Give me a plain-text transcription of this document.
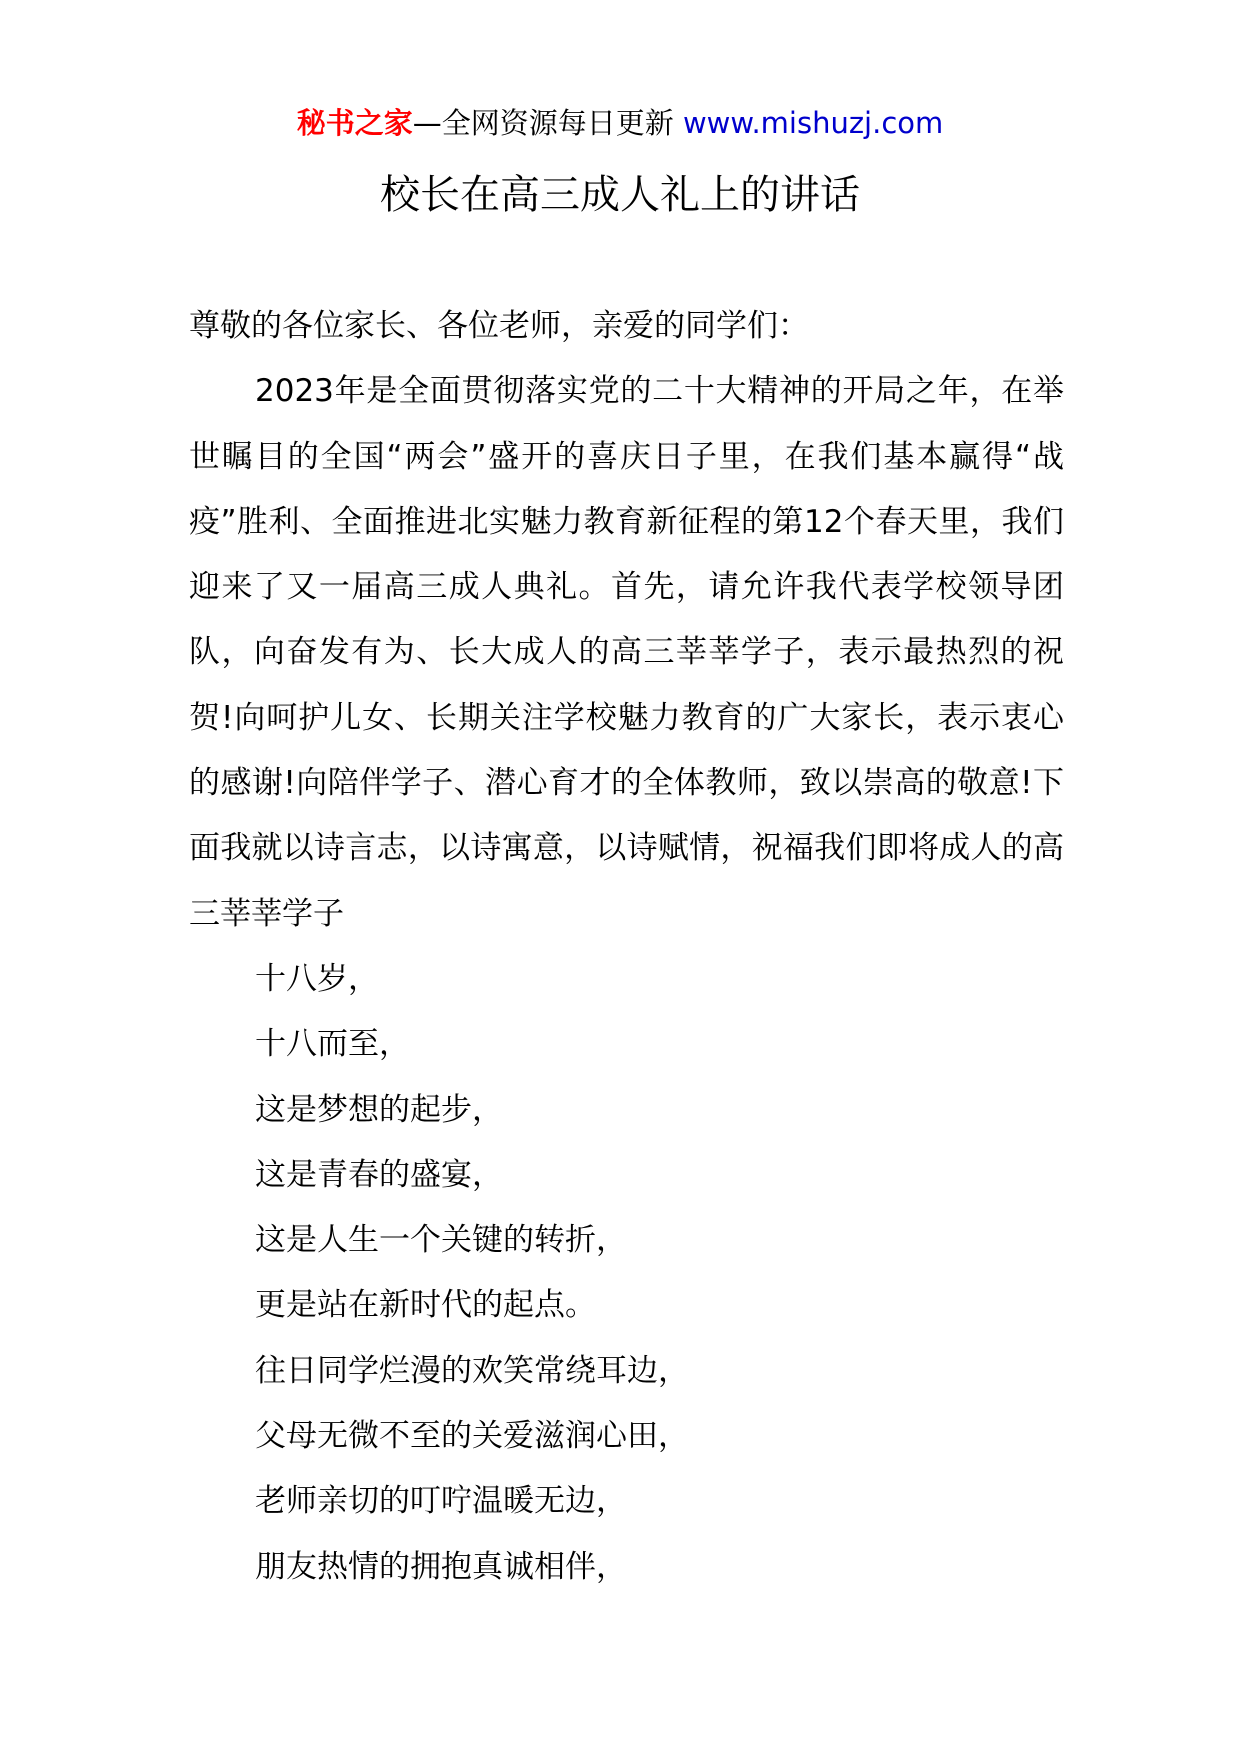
秘书之家—全网资源每日更新 www.mishuzj.com
校长在高三成人礼上的讲话

尊敬的各位家长、各位老师，亲爱的同学们：

2023年是全面贯彻落实党的二十大精神的开局之年，在举世瞩目的全国“两会”盛开的喜庆日子里，在我们基本赢得“战疫”胜利、全面推进北实魅力教育新征程的第12个春天里，我们迎来了又一届高三成人典礼。首先，请允许我代表学校领导团队，向奋发有为、长大成人的高三莘莘学子，表示最热烈的祝贺!向呵护儿女、长期关注学校魅力教育的广大家长，表示衷心的感谢!向陪伴学子、潜心育才的全体教师，致以崇高的敬意!下面我就以诗言志，以诗寓意，以诗赋情，祝福我们即将成人的高三莘莘学子

十八岁，

十八而至，

这是梦想的起步，

这是青春的盛宴，

这是人生一个关键的转折，

更是站在新时代的起点。

往日同学烂漫的欢笑常绕耳边，

父母无微不至的关爱滋润心田，

老师亲切的叮咛温暖无边，

朋友热情的拥抱真诚相伴，
